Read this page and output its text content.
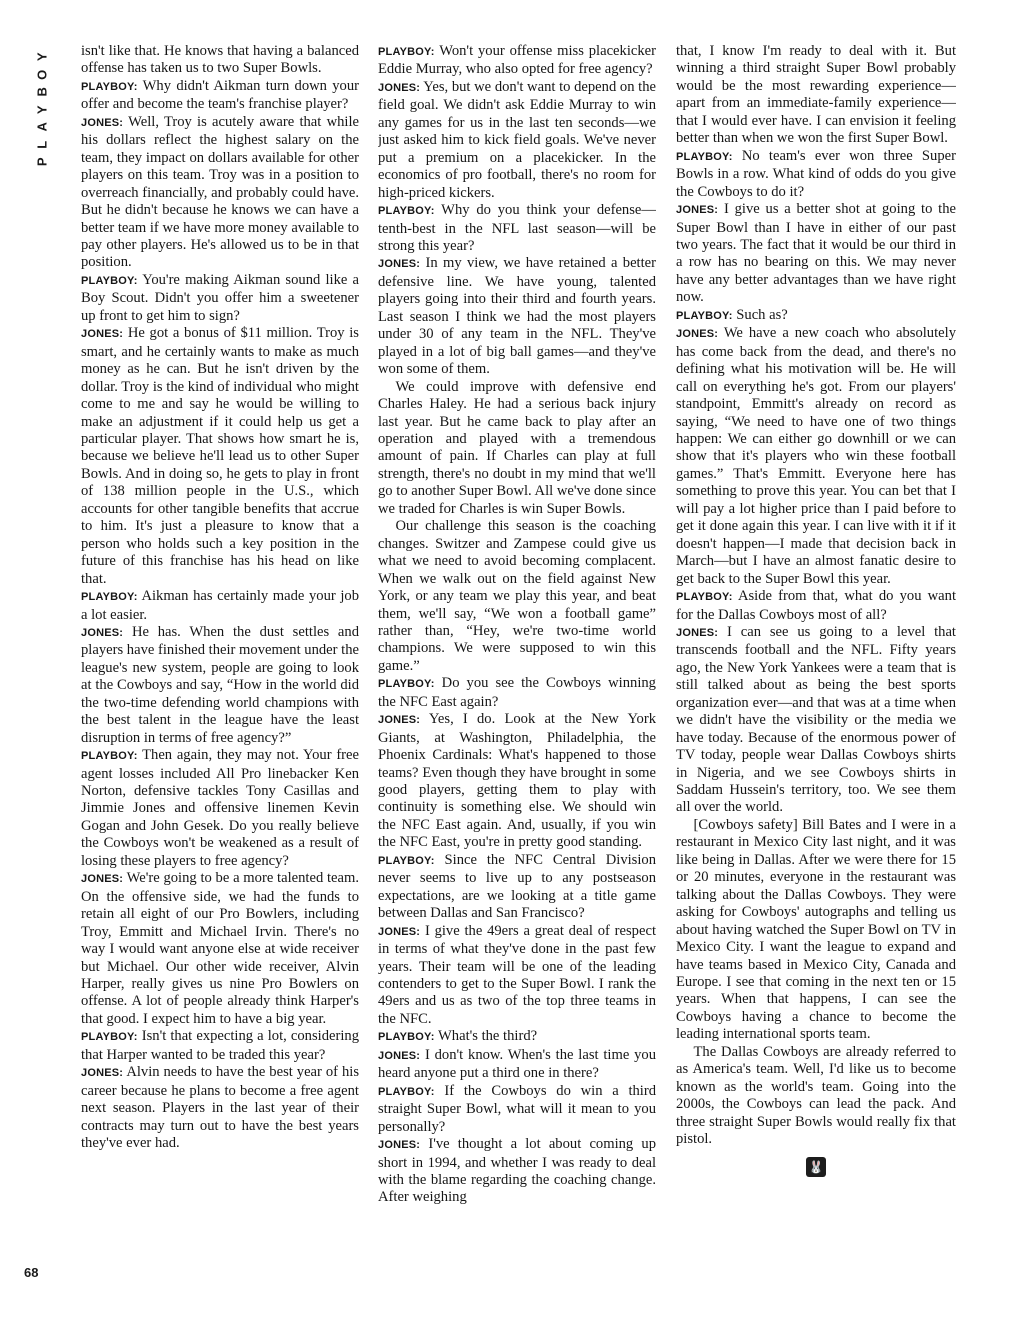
Y
O
B
Y
A
L
P
68

isn't like that. He knows that having a balanced offense has taken us to two Super Bowls.

PLAYBOY: Why didn't Aikman turn down your offer and become the team's franchise player?

JONES: Well, Troy is acutely aware that while his dollars reflect the highest salary on the team, they impact on dollars available for other players on this team. Troy was in a position to overreach financially, and probably could have. But he didn't because he knows we can have a better team if we have more money available to pay other players. He's allowed us to be in that position.

PLAYBOY: You're making Aikman sound like a Boy Scout. Didn't you offer him a sweetener up front to get him to sign?

JONES: He got a bonus of $11 million. Troy is smart, and he certainly wants to make as much money as he can. But he isn't driven by the dollar. Troy is the kind of individual who might come to me and say he would be willing to make an adjustment if it could help us get a particular player. That shows how smart he is, because we believe he'll lead us to other Super Bowls. And in doing so, he gets to play in front of 138 million people in the U.S., which accounts for other tangible benefits that accrue to him. It's just a pleasure to know that a person who holds such a key position in the future of this franchise has his head on like that.

PLAYBOY: Aikman has certainly made your job a lot easier.

JONES: He has. When the dust settles and players have finished their movement under the league's new system, people are going to look at the Cowboys and say, “How in the world did the two-time defending world champions with the best talent in the league have the least disruption in terms of free agency?”

PLAYBOY: Then again, they may not. Your free agent losses included All Pro linebacker Ken Norton, defensive tackles Tony Casillas and Jimmie Jones and offensive linemen Kevin Gogan and John Gesek. Do you really believe the Cowboys won't be weakened as a result of losing these players to free agency?

JONES: We're going to be a more talented team. On the offensive side, we had the funds to retain all eight of our Pro Bowlers, including Troy, Emmitt and Michael Irvin. There's no way I would want anyone else at wide receiver but Michael. Our other wide receiver, Alvin Harper, really gives us nine Pro Bowlers on offense. A lot of people already think Harper's that good. I expect him to have a big year.

PLAYBOY: Isn't that expecting a lot, considering that Harper wanted to be traded this year?

JONES: Alvin needs to have the best year of his career because he plans to become a free agent next season. Players in the last year of their contracts may turn out to have the best years they've ever had.

PLAYBOY: Won't your offense miss placekicker Eddie Murray, who also opted for free agency?

JONES: Yes, but we don't want to depend on the field goal. We didn't ask Eddie Murray to win any games for us in the last ten seconds—we just asked him to kick field goals. We've never put a premium on a placekicker. In the economics of pro football, there's no room for high-priced kickers.

PLAYBOY: Why do you think your defense—tenth-best in the NFL last season—will be strong this year?

JONES: In my view, we have retained a better defensive line. We have young, talented players going into their third and fourth years. Last season I think we had the most players under 30 of any team in the NFL. They've played in a lot of big ball games—and they've won some of them.

We could improve with defensive end Charles Haley. He had a serious back injury last year. But he came back to play after an operation and played with a tremendous amount of pain. If Charles can play at full strength, there's no doubt in my mind that we'll go to another Super Bowl. All we've done since we traded for Charles is win Super Bowls.

Our challenge this season is the coaching changes. Switzer and Zampese could give us what we need to avoid becoming complacent. When we walk out on the field against New York, or any team we play this year, and beat them, we'll say, “We won a football game” rather than, “Hey, we're two-time world champions. We were supposed to win this game.”

PLAYBOY: Do you see the Cowboys winning the NFC East again?

JONES: Yes, I do. Look at the New York Giants, at Washington, Philadelphia, the Phoenix Cardinals: What's happened to those teams? Even though they have brought in some good players, getting them to play with continuity is something else. We should win the NFC East again. And, usually, if you win the NFC East, you're in pretty good standing.

PLAYBOY: Since the NFC Central Division never seems to live up to any postseason expectations, are we looking at a title game between Dallas and San Francisco?

JONES: I give the 49ers a great deal of respect in terms of what they've done in the past few years. Their team will be one of the leading contenders to get to the Super Bowl. I rank the 49ers and us as two of the top three teams in the NFC.

PLAYBOY: What's the third?

JONES: I don't know. When's the last time you heard anyone put a third one in there?

PLAYBOY: If the Cowboys do win a third straight Super Bowl, what will it mean to you personally?

JONES: I've thought a lot about coming up short in 1994, and whether I was ready to deal with the blame regarding the coaching change. After weighing

that, I know I'm ready to deal with it. But winning a third straight Super Bowl probably would be the most rewarding experience—apart from an immediate-family experience—that I would ever have. I can envision it feeling better than when we won the first Super Bowl.

PLAYBOY: No team's ever won three Super Bowls in a row. What kind of odds do you give the Cowboys to do it?

JONES: I give us a better shot at going to the Super Bowl than I have in either of our past two years. The fact that it would be our third in a row has no bearing on this. We may never have any better advantages than we have right now.

PLAYBOY: Such as?

JONES: We have a new coach who absolutely has come back from the dead, and there's no defining what his motivation will be. He will call on everything he's got. From our players' standpoint, Emmitt's already on record as saying, “We need to have one of two things happen: We can either go downhill or we can show that it's players who win these football games.” That's Emmitt. Everyone here has something to prove this year. You can bet that I will pay a lot higher price than I paid before to get it done again this year. I can live with it if it doesn't happen—I made that decision back in March—but I have an almost fanatic desire to get back to the Super Bowl this year.

PLAYBOY: Aside from that, what do you want for the Dallas Cowboys most of all?

JONES: I can see us going to a level that transcends football and the NFL. Fifty years ago, the New York Yankees were a team that is still talked about as being the best sports organization ever—and that was at a time when we didn't have the visibility or the media we have today. Because of the enormous power of TV today, people wear Dallas Cowboys shirts in Nigeria, and we see Cowboys shirts in Saddam Hussein's territory, too. We see them all over the world.

[Cowboys safety] Bill Bates and I were in a restaurant in Mexico City last night, and it was like being in Dallas. After we were there for 15 or 20 minutes, everyone in the restaurant was talking about the Dallas Cowboys. They were asking for Cowboys' autographs and telling us about having watched the Super Bowl on TV in Mexico City. I want the league to expand and have teams based in Mexico City, Canada and Europe. I see that coming in the next ten or 15 years. When that happens, I can see the Cowboys having a chance to become the leading international sports team.

The Dallas Cowboys are already referred to as America's team. Well, I'd like us to become known as the world's team. Going into the 2000s, the Cowboys can lead the pack. And three straight Super Bowls would really fix that pistol.

🐰
